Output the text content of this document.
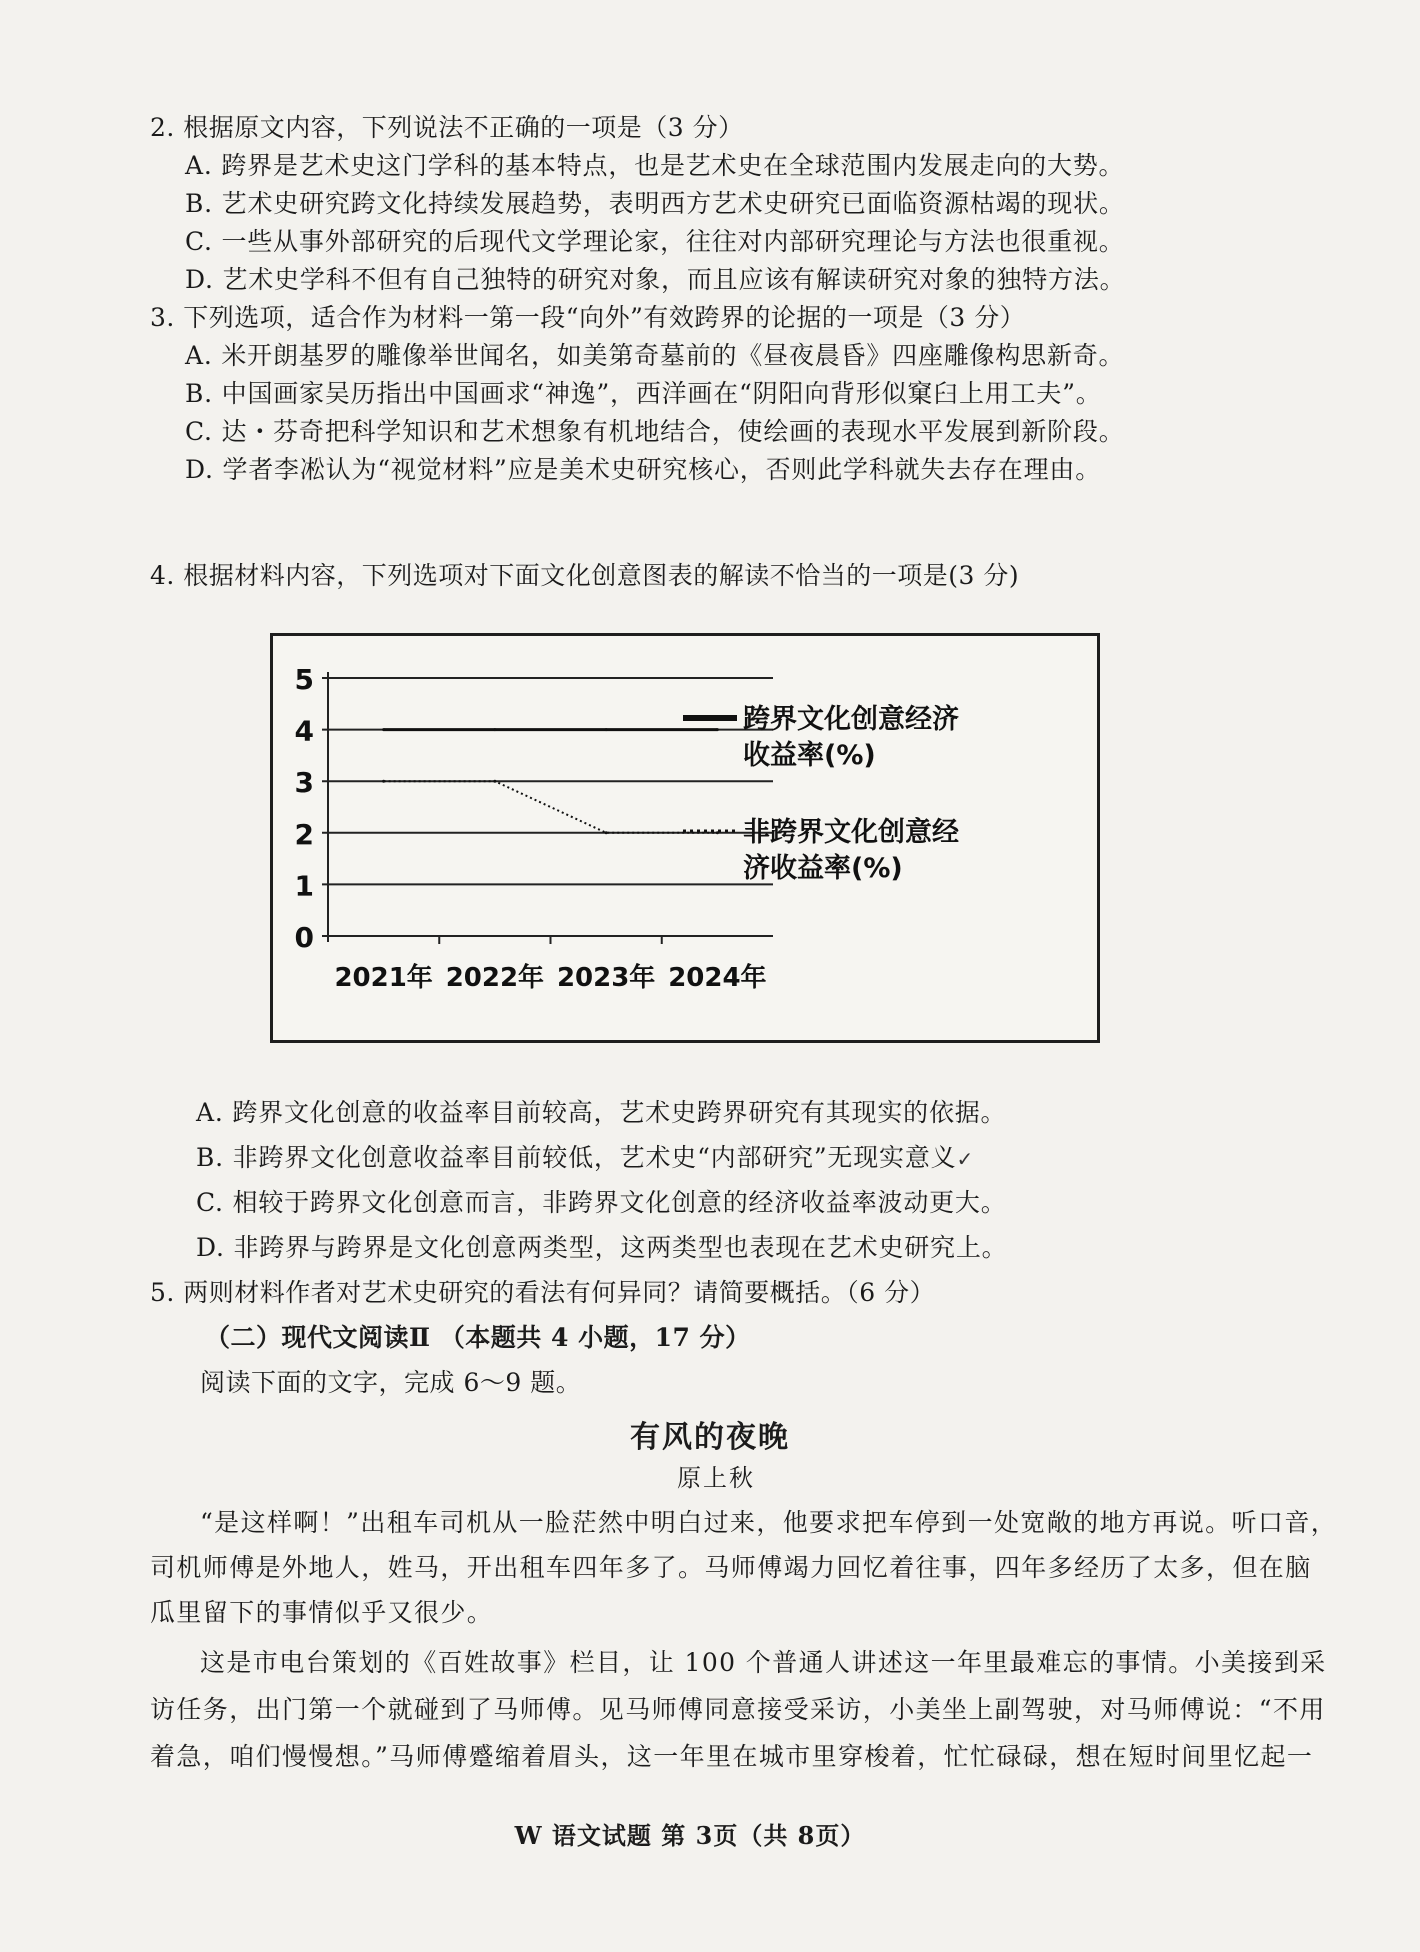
2. 根据原文内容，下列说法不正确的一项是（3 分）
A. 跨界是艺术史这门学科的基本特点，也是艺术史在全球范围内发展走向的大势。
B. 艺术史研究跨文化持续发展趋势，表明西方艺术史研究已面临资源枯竭的现状。
C. 一些从事外部研究的后现代文学理论家，往往对内部研究理论与方法也很重视。
D. 艺术史学科不但有自己独特的研究对象，而且应该有解读研究对象的独特方法。
3. 下列选项，适合作为材料一第一段“向外”有效跨界的论据的一项是（3 分）
A. 米开朗基罗的雕像举世闻名，如美第奇墓前的《昼夜晨昏》四座雕像构思新奇。
B. 中国画家吴历指出中国画求“神逸”，西洋画在“阴阳向背形似窠臼上用工夫”。
C. 达・芬奇把科学知识和艺术想象有机地结合，使绘画的表现水平发展到新阶段。
D. 学者李凇认为“视觉材料”应是美术史研究核心，否则此学科就失去存在理由。
4. 根据材料内容，下列选项对下面文化创意图表的解读不恰当的一项是(3 分)
0
1
2
3
4
5
2021年 2022年 2023年 2024年
跨界文化创意经济
收益率(%)
非跨界文化创意经
济收益率(%)
A. 跨界文化创意的收益率目前较高，艺术史跨界研究有其现实的依据。
B. 非跨界文化创意收益率目前较低，艺术史“内部研究”无现实意义✓
C. 相较于跨界文化创意而言，非跨界文化创意的经济收益率波动更大。
D. 非跨界与跨界是文化创意两类型，这两类型也表现在艺术史研究上。
5. 两则材料作者对艺术史研究的看法有何异同？请简要概括。（6 分）
（二）现代文阅读Ⅱ （本题共 4 小题，17 分）
阅读下面的文字，完成 6～9 题。
有风的夜晚
原上秋
“是这样啊！”出租车司机从一脸茫然中明白过来，他要求把车停到一处宽敞的地方再说。听口音，
司机师傅是外地人，姓马，开出租车四年多了。马师傅竭力回忆着往事，四年多经历了太多，但在脑
瓜里留下的事情似乎又很少。
这是市电台策划的《百姓故事》栏目，让 100 个普通人讲述这一年里最难忘的事情。小美接到采
访任务，出门第一个就碰到了马师傅。见马师傅同意接受采访，小美坐上副驾驶，对马师傅说：“不用
着急，咱们慢慢想。”马师傅蹙缩着眉头，这一年里在城市里穿梭着，忙忙碌碌，想在短时间里忆起一
W 语文试题 第 3页（共 8页）
